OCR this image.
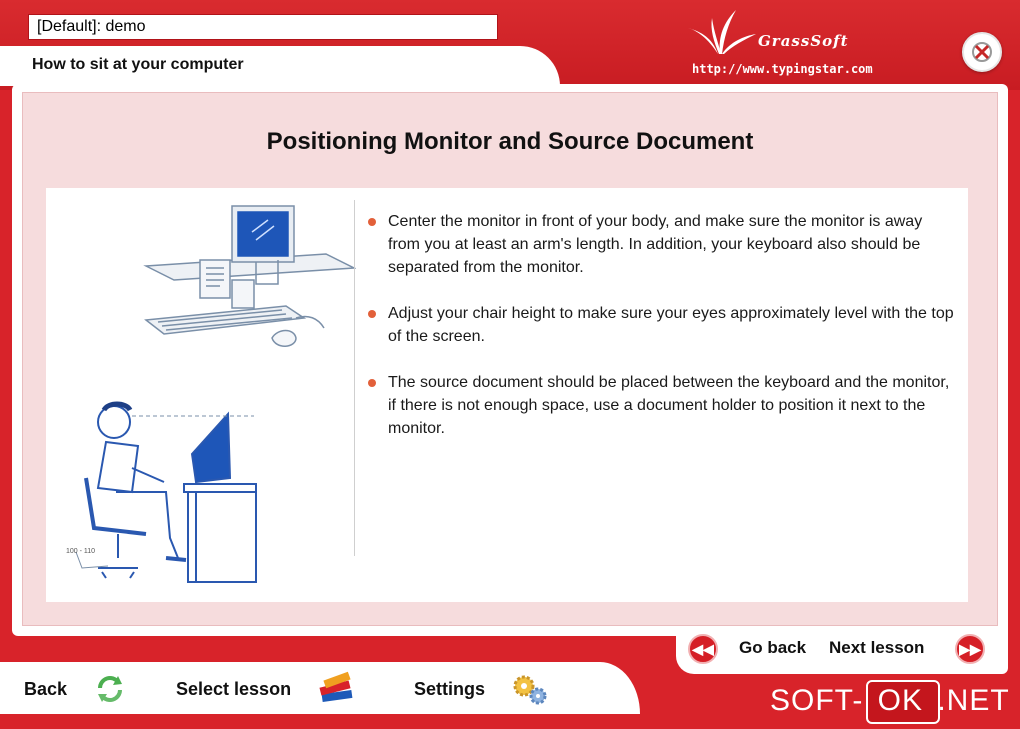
[Default]: demo
How to sit at your computer
GrassSoft
http://www.typingstar.com
Positioning Monitor and Source Document
100 - 110
Center the monitor in front of your body, and make sure the monitor is away from you at least an arm's length. In addition, your keyboard also should be separated from the monitor.
Adjust your chair height to make sure your eyes approximately level with the top of the screen.
The source document should be placed between the keyboard and the monitor, if there is not enough space, use a document holder to position it next to the monitor.
◀◀ Go back Next lesson	▶▶
Back	Select lesson	Settings	SOFT- OK .NET
